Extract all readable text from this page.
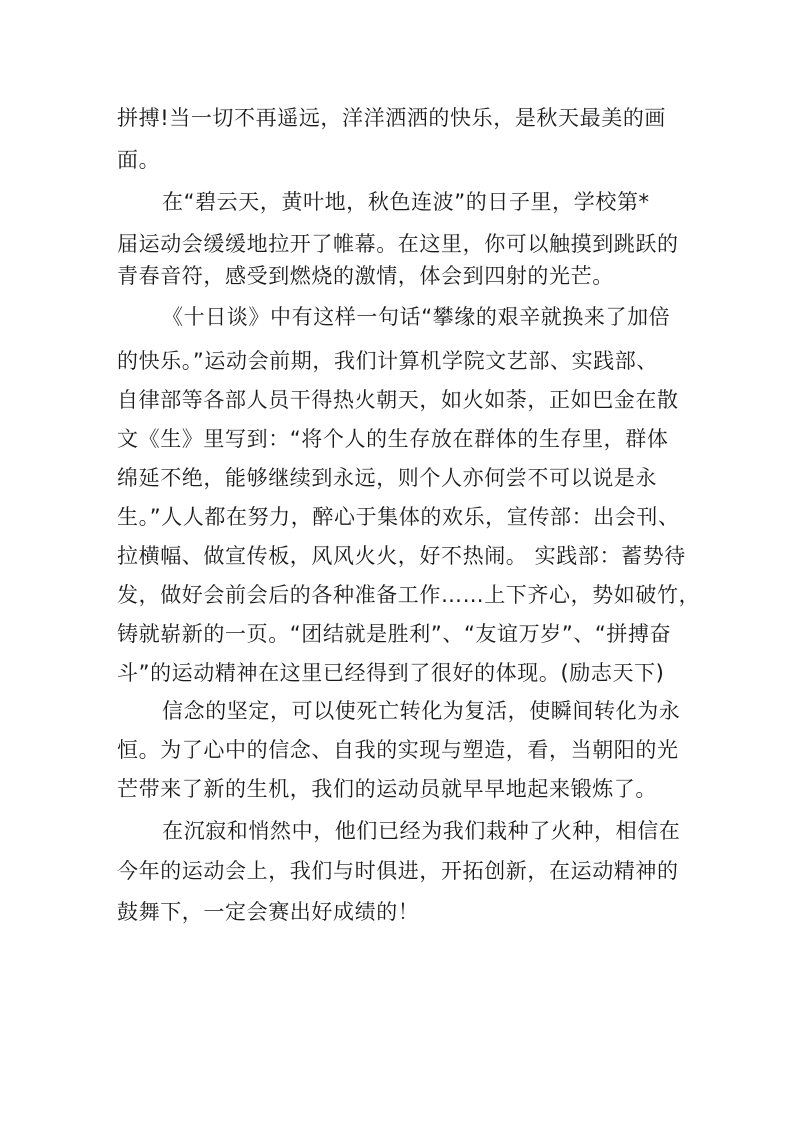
拼搏!当一切不再遥远，洋洋洒洒的快乐，是秋天最美的画
面。
在“碧云天，黄叶地，秋色连波”的日子里，学校第*
届运动会缓缓地拉开了帷幕。在这里，你可以触摸到跳跃的
青春音符，感受到燃烧的激情，体会到四射的光芒。
《十日谈》中有这样一句话“攀缘的艰辛就换来了加倍
的快乐。”运动会前期，我们计算机学院文艺部、实践部、
自律部等各部人员干得热火朝天，如火如荼，正如巴金在散
文《生》里写到：“将个人的生存放在群体的生存里，群体
绵延不绝，能够继续到永远，则个人亦何尝不可以说是永
生。”人人都在努力，醉心于集体的欢乐，宣传部：出会刊、
拉横幅、做宣传板，风风火火，好不热闹。 实践部：蓄势待
发，做好会前会后的各种准备工作……上下齐心，势如破竹，
铸就崭新的一页。“团结就是胜利”、“友谊万岁”、“拼搏奋
斗”的运动精神在这里已经得到了很好的体现。(励志天下)
信念的坚定，可以使死亡转化为复活，使瞬间转化为永
恒。为了心中的信念、自我的实现与塑造，看，当朝阳的光
芒带来了新的生机，我们的运动员就早早地起来锻炼了。
在沉寂和悄然中，他们已经为我们栽种了火种，相信在
今年的运动会上，我们与时俱进，开拓创新，在运动精神的
鼓舞下，一定会赛出好成绩的！
